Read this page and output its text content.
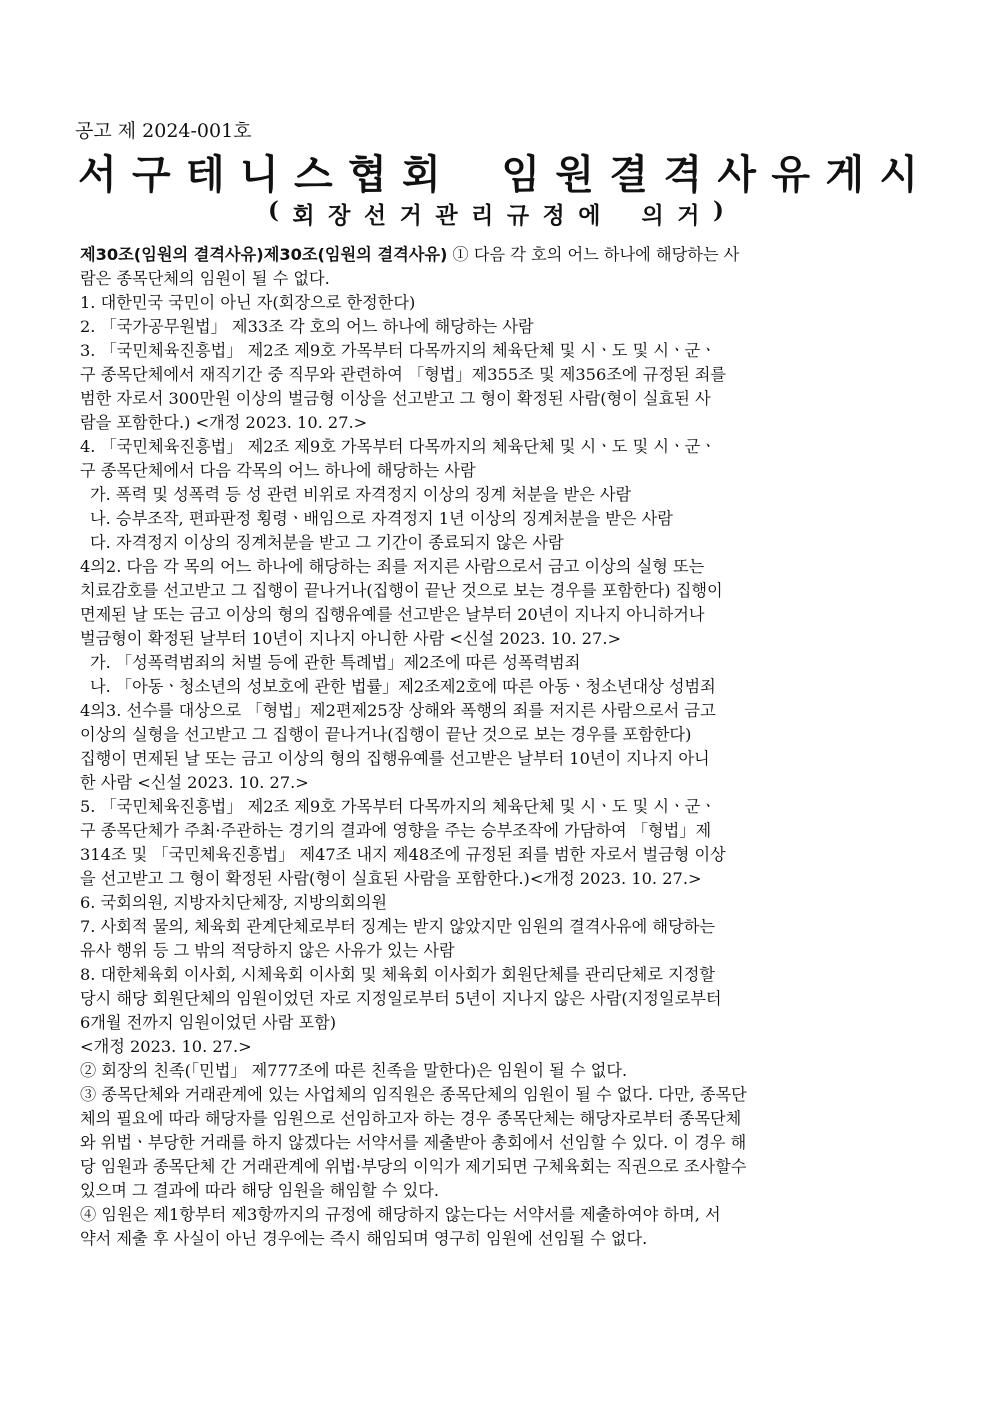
공고 제 2024-001호
서 구 테 니 스 협 회 임 원 결 격 사 유 게 시
( 회 장 선 거 관 리 규 정 에 의 거 )
제30조(임원의 결격사유)제30조(임원의 결격사유) ① 다음 각 호의 어느 하나에 해당하는 사
람은 종목단체의 임원이 될 수 없다.
1. 대한민국 국민이 아닌 자(회장으로 한정한다)
2. 「국가공무원법」 제33조 각 호의 어느 하나에 해당하는 사람
3. 「국민체육진흥법」 제2조 제9호 가목부터 다목까지의 체육단체 및 시ㆍ도 및 시ㆍ군ㆍ
구 종목단체에서 재직기간 중 직무와 관련하여 「형법」제355조 및 제356조에 규정된 죄를
범한 자로서 300만원 이상의 벌금형 이상을 선고받고 그 형이 확정된 사람(형이 실효된 사
람을 포함한다.) <개정 2023. 10. 27.>
4. 「국민체육진흥법」 제2조 제9호 가목부터 다목까지의 체육단체 및 시ㆍ도 및 시ㆍ군ㆍ
구 종목단체에서 다음 각목의 어느 하나에 해당하는 사람
가. 폭력 및 성폭력 등 성 관련 비위로 자격정지 이상의 징계 처분을 받은 사람
나. 승부조작, 편파판정 횡령ㆍ배임으로 자격정지 1년 이상의 징계처분을 받은 사람
다. 자격정지 이상의 징계처분을 받고 그 기간이 종료되지 않은 사람
4의2. 다음 각 목의 어느 하나에 해당하는 죄를 저지른 사람으로서 금고 이상의 실형 또는
치료감호를 선고받고 그 집행이 끝나거나(집행이 끝난 것으로 보는 경우를 포함한다) 집행이
면제된 날 또는 금고 이상의 형의 집행유예를 선고받은 날부터 20년이 지나지 아니하거나
벌금형이 확정된 날부터 10년이 지나지 아니한 사람 <신설 2023. 10. 27.>
가. 「성폭력범죄의 처벌 등에 관한 특례법」제2조에 따른 성폭력범죄
나. 「아동ㆍ청소년의 성보호에 관한 법률」제2조제2호에 따른 아동ㆍ청소년대상 성범죄
4의3. 선수를 대상으로 「형법」제2편제25장 상해와 폭행의 죄를 저지른 사람으로서 금고
이상의 실형을 선고받고 그 집행이 끝나거나(집행이 끝난 것으로 보는 경우를 포함한다)
집행이 면제된 날 또는 금고 이상의 형의 집행유예를 선고받은 날부터 10년이 지나지 아니
한 사람 <신설 2023. 10. 27.>
5. 「국민체육진흥법」 제2조 제9호 가목부터 다목까지의 체육단체 및 시ㆍ도 및 시ㆍ군ㆍ
구 종목단체가 주최·주관하는 경기의 결과에 영향을 주는 승부조작에 가담하여 「형법」제
314조 및 「국민체육진흥법」 제47조 내지 제48조에 규정된 죄를 범한 자로서 벌금형 이상
을 선고받고 그 형이 확정된 사람(형이 실효된 사람을 포함한다.)<개정 2023. 10. 27.>
6. 국회의원, 지방자치단체장, 지방의회의원
7. 사회적 물의, 체육회 관계단체로부터 징계는 받지 않았지만 임원의 결격사유에 해당하는
유사 행위 등 그 밖의 적당하지 않은 사유가 있는 사람
8. 대한체육회 이사회, 시체육회 이사회 및 체육회 이사회가 회원단체를 관리단체로 지정할
당시 해당 회원단체의 임원이었던 자로 지정일로부터 5년이 지나지 않은 사람(지정일로부터
6개월 전까지 임원이었던 사람 포함)
<개정 2023. 10. 27.>
② 회장의 친족(「민법」 제777조에 따른 친족을 말한다)은 임원이 될 수 없다.
③ 종목단체와 거래관계에 있는 사업체의 임직원은 종목단체의 임원이 될 수 없다. 다만, 종목단
체의 필요에 따라 해당자를 임원으로 선임하고자 하는 경우 종목단체는 해당자로부터 종목단체
와 위법ㆍ부당한 거래를 하지 않겠다는 서약서를 제출받아 총회에서 선임할 수 있다. 이 경우 해
당 임원과 종목단체 간 거래관계에 위법·부당의 이익가 제기되면 구체육회는 직권으로 조사할수
있으며 그 결과에 따라 해당 임원을 해임할 수 있다.
④ 임원은 제1항부터 제3항까지의 규정에 해당하지 않는다는 서약서를 제출하여야 하며, 서
약서 제출 후 사실이 아닌 경우에는 즉시 해임되며 영구히 임원에 선임될 수 없다.
